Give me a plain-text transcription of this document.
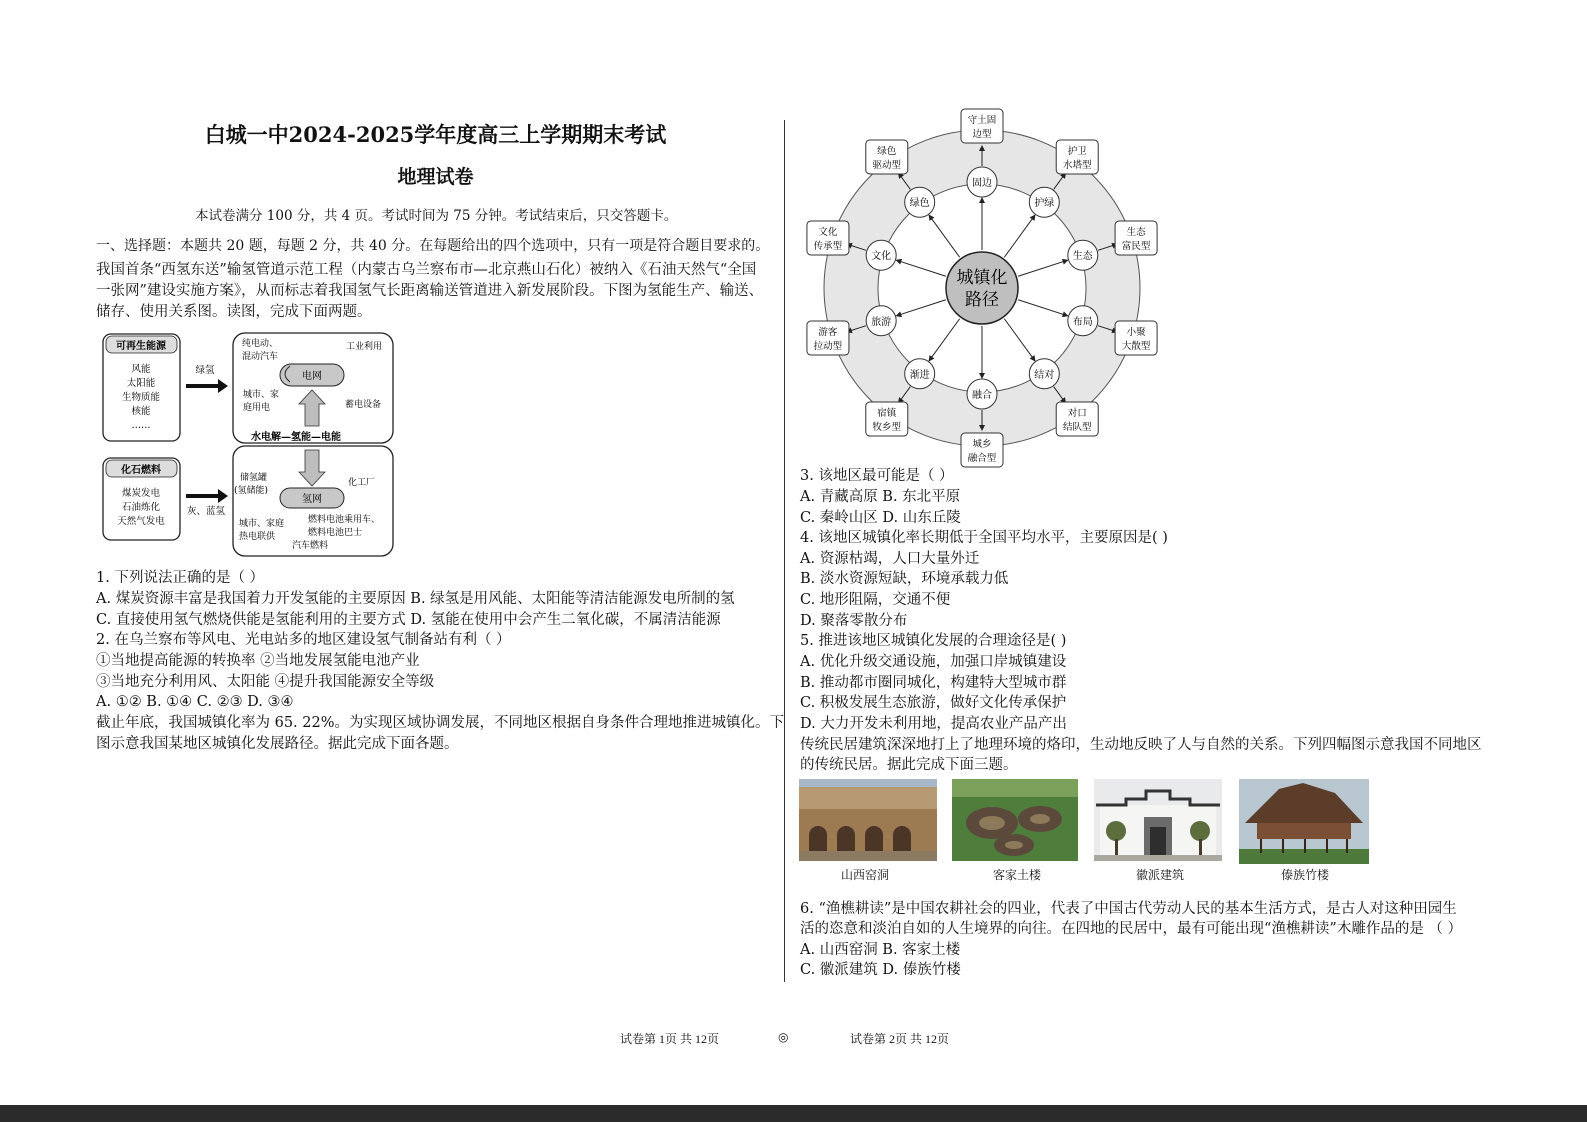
白城一中2024-2025学年度高三上学期期末考试
地理试卷
本试卷满分 100 分，共 4 页。考试时间为 75 分钟。考试结束后，只交答题卡。
一、选择题：本题共 20 题，每题 2 分，共 40 分。在每题给出的四个选项中，只有一项是符合题目要求的。
我国首条“西氢东送”输氢管道示范工程（内蒙古乌兰察布市—北京燕山石化）被纳入《石油天然气“全国
一张网”建设实施方案》，从而标志着我国氢气长距离输送管道进入新发展阶段。下图为氢能生产、输送、
储存、使用关系图。读图，完成下面两题。
可再生能源
风能
太阳能
生物质能
核能
……
绿氢
纯电动、
混动汽车
工业利用
电网
城市、家
庭用电	蓄电设备
水电解—氢能—电能
化石燃料
煤炭发电
石油炼化
天然气发电
灰、蓝氢
储氢罐
(氢储能)
化工厂
氢网
城市、家庭
热电联供
燃料电池乘用车、
燃料电池巴士
汽车燃料
1. 下列说法正确的是（ ）
A. 煤炭资源丰富是我国着力开发氢能的主要原因 B. 绿氢是用风能、太阳能等清洁能源发电所制的氢
C. 直接使用氢气燃烧供能是氢能利用的主要方式 D. 氢能在使用中会产生二氧化碳，不属清洁能源
2. 在乌兰察布等风电、光电站多的地区建设氢气制备站有利（ ）
①当地提高能源的转换率 ②当地发展氢能电池产业
③当地充分利用风、太阳能 ④提升我国能源安全等级
A. ①② B. ①④ C. ②③ D. ③④
截止年底，我国城镇化率为 65. 22%。为实现区域协调发展，不同地区根据自身条件合理地推进城镇化。下
图示意我国某地区城镇化发展路径。据此完成下面各题。
固边
守土固
边型
护绿
护卫
水塔型
生态
生态
富民型
布局
小聚
大散型
结对
对口
结队型
融合
城乡
融合型
渐进
宿镇
牧乡型
旅游
游客
拉动型
文化
文化
传承型
绿色
绿色
驱动型
城镇化
路径
3. 该地区最可能是（ ）
A. 青藏高原 B. 东北平原
C. 秦岭山区 D. 山东丘陵
4. 该地区城镇化率长期低于全国平均水平，主要原因是( )
A. 资源枯竭，人口大量外迁
B. 淡水资源短缺，环境承载力低
C. 地形阻隔，交通不便
D. 聚落零散分布
5. 推进该地区城镇化发展的合理途径是( )
A. 优化升级交通设施，加强口岸城镇建设
B. 推动都市圈同城化，构建特大型城市群
C. 积极发展生态旅游，做好文化传承保护
D. 大力开发未利用地，提高农业产品产出
传统民居建筑深深地打上了地理环境的烙印，生动地反映了人与自然的关系。下列四幅图示意我国不同地区
的传统民居。据此完成下面三题。
山西窑洞	客家土楼	徽派建筑	傣族竹楼
6. “渔樵耕读”是中国农耕社会的四业，代表了中国古代劳动人民的基本生活方式，是古人对这种田园生
活的恣意和淡泊自如的人生境界的向往。在四地的民居中，最有可能出现“渔樵耕读”木雕作品的是 （ ）
A. 山西窑洞 B. 客家土楼
C. 徽派建筑 D. 傣族竹楼
试卷第 1页 共 12页	◎	试卷第 2页 共 12页
